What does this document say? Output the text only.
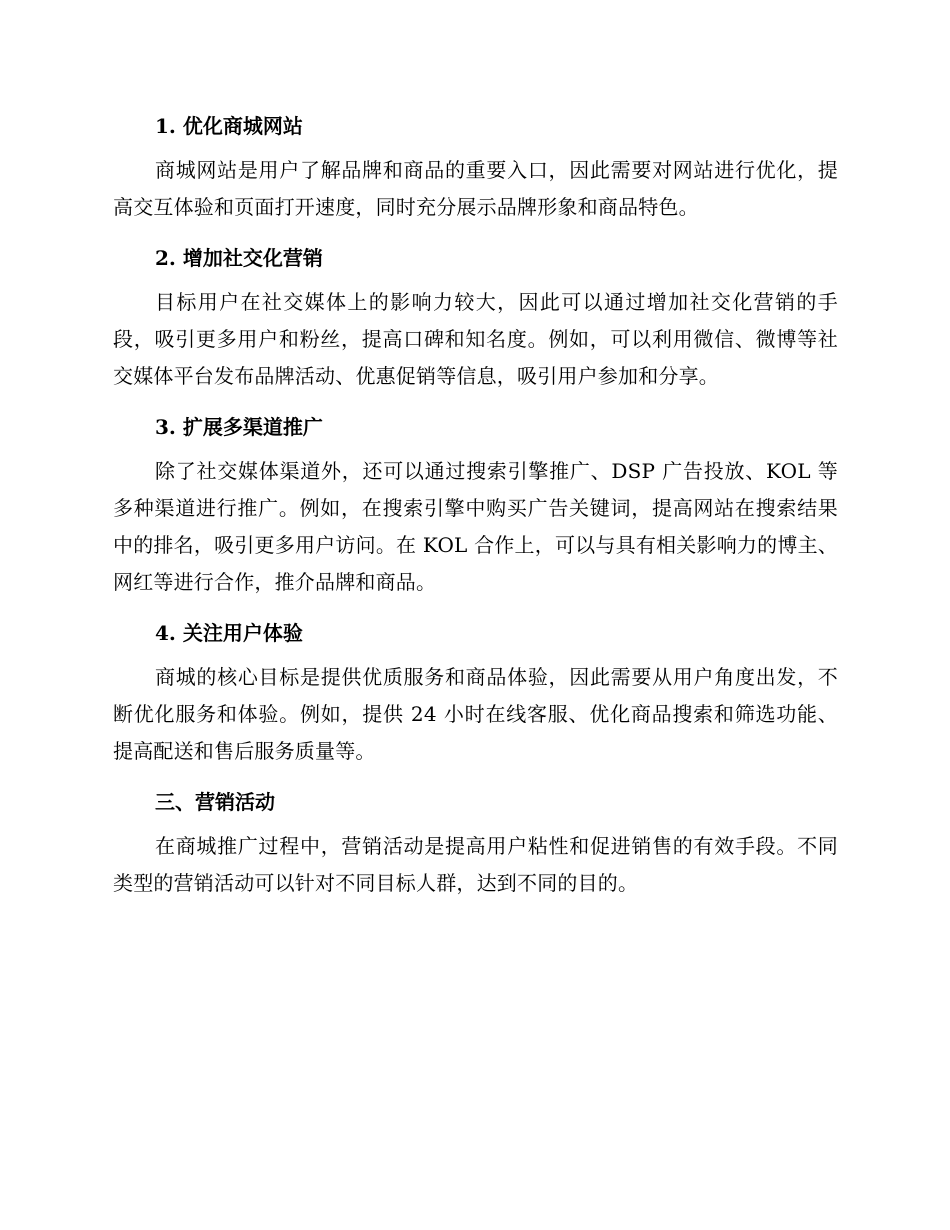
1. 优化商城网站

商城网站是用户了解品牌和商品的重要入口，因此需要对网站进行优化，提高交互体验和页面打开速度，同时充分展示品牌形象和商品特色。

2. 增加社交化营销

目标用户在社交媒体上的影响力较大，因此可以通过增加社交化营销的手段，吸引更多用户和粉丝，提高口碑和知名度。例如，可以利用微信、微博等社交媒体平台发布品牌活动、优惠促销等信息，吸引用户参加和分享。

3. 扩展多渠道推广

除了社交媒体渠道外，还可以通过搜索引擎推广、DSP 广告投放、KOL 等多种渠道进行推广。例如，在搜索引擎中购买广告关键词，提高网站在搜索结果中的排名，吸引更多用户访问。在 KOL 合作上，可以与具有相关影响力的博主、网红等进行合作，推介品牌和商品。

4. 关注用户体验

商城的核心目标是提供优质服务和商品体验，因此需要从用户角度出发，不断优化服务和体验。例如，提供 24 小时在线客服、优化商品搜索和筛选功能、提高配送和售后服务质量等。

三、营销活动

在商城推广过程中，营销活动是提高用户粘性和促进销售的有效手段。不同类型的营销活动可以针对不同目标人群，达到不同的目的。
